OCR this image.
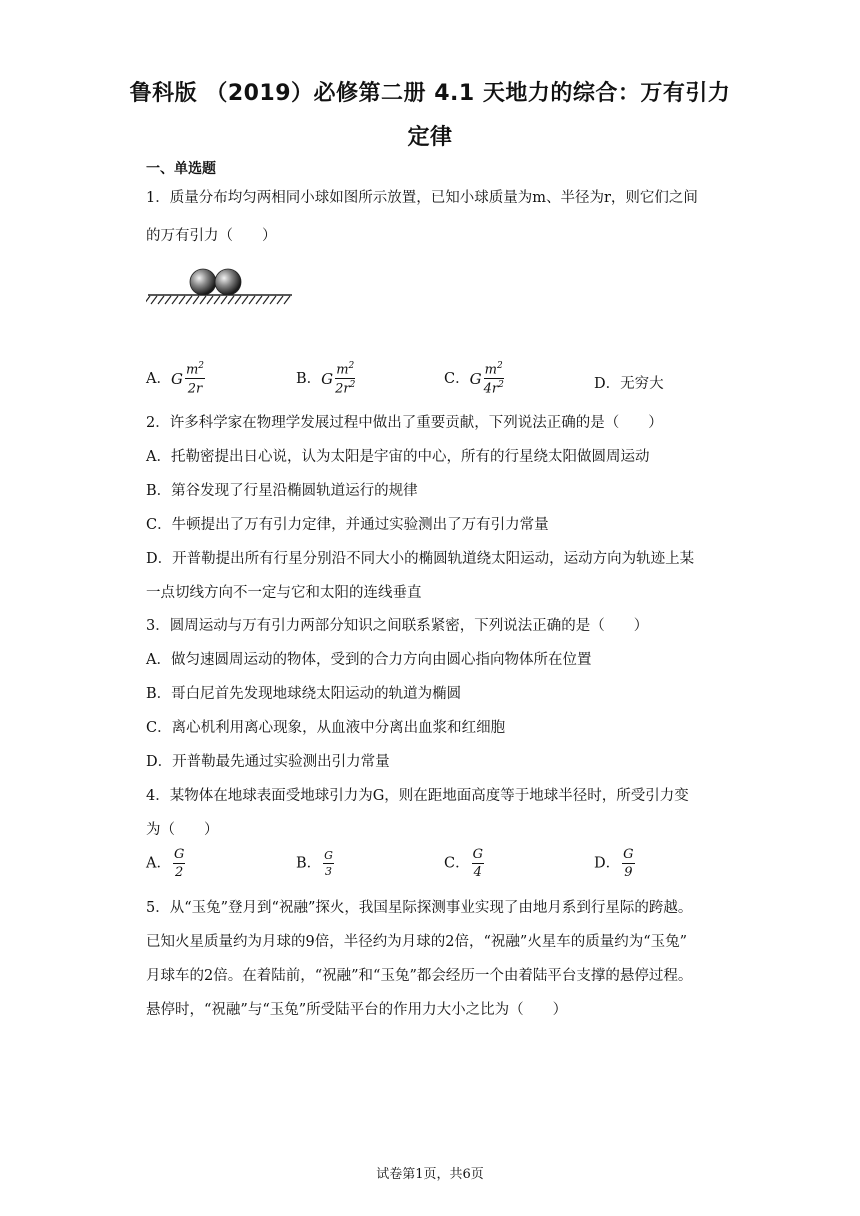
鲁科版 （2019）必修第二册 4.1 天地力的综合：万有引力
定律
一、单选题
1．质量分布均匀两相同小球如图所示放置，已知小球质量为m、半径为r，则它们之间
的万有引力（　　）
A．G $\frac{m^2}{2r}$	B．G $\frac{m^2}{2r^2}$	C．G $\frac{m^2}{4r^2}$	D．无穷大
2．许多科学家在物理学发展过程中做出了重要贡献，下列说法正确的是（　　）
A．托勒密提出日心说，认为太阳是宇宙的中心，所有的行星绕太阳做圆周运动
B．第谷发现了行星沿椭圆轨道运行的规律
C．牛顿提出了万有引力定律，并通过实验测出了万有引力常量
D．开普勒提出所有行星分别沿不同大小的椭圆轨道绕太阳运动，运动方向为轨迹上某
一点切线方向不一定与它和太阳的连线垂直
3．圆周运动与万有引力两部分知识之间联系紧密，下列说法正确的是（　　）
A．做匀速圆周运动的物体，受到的合力方向由圆心指向物体所在位置
B．哥白尼首先发现地球绕太阳运动的轨道为椭圆
C．离心机利用离心现象，从血液中分离出血浆和红细胞
D．开普勒最先通过实验测出引力常量
4．某物体在地球表面受地球引力为G，则在距地面高度等于地球半径时，所受引力变
为（　　）
A． $\frac{G}{2}$	B． $\frac{G}{3}$	C． $\frac{G}{4}$	D． $\frac{G}{9}$
5．从“玉兔”登月到“祝融”探火，我国星际探测事业实现了由地月系到行星际的跨越。
已知火星质量约为月球的9倍，半径约为月球的2倍，“祝融”火星车的质量约为“玉兔”
月球车的2倍。在着陆前，“祝融”和“玉兔”都会经历一个由着陆平台支撑的悬停过程。
悬停时，“祝融”与“玉兔”所受陆平台的作用力大小之比为（　　）
试卷第1页，共6页
